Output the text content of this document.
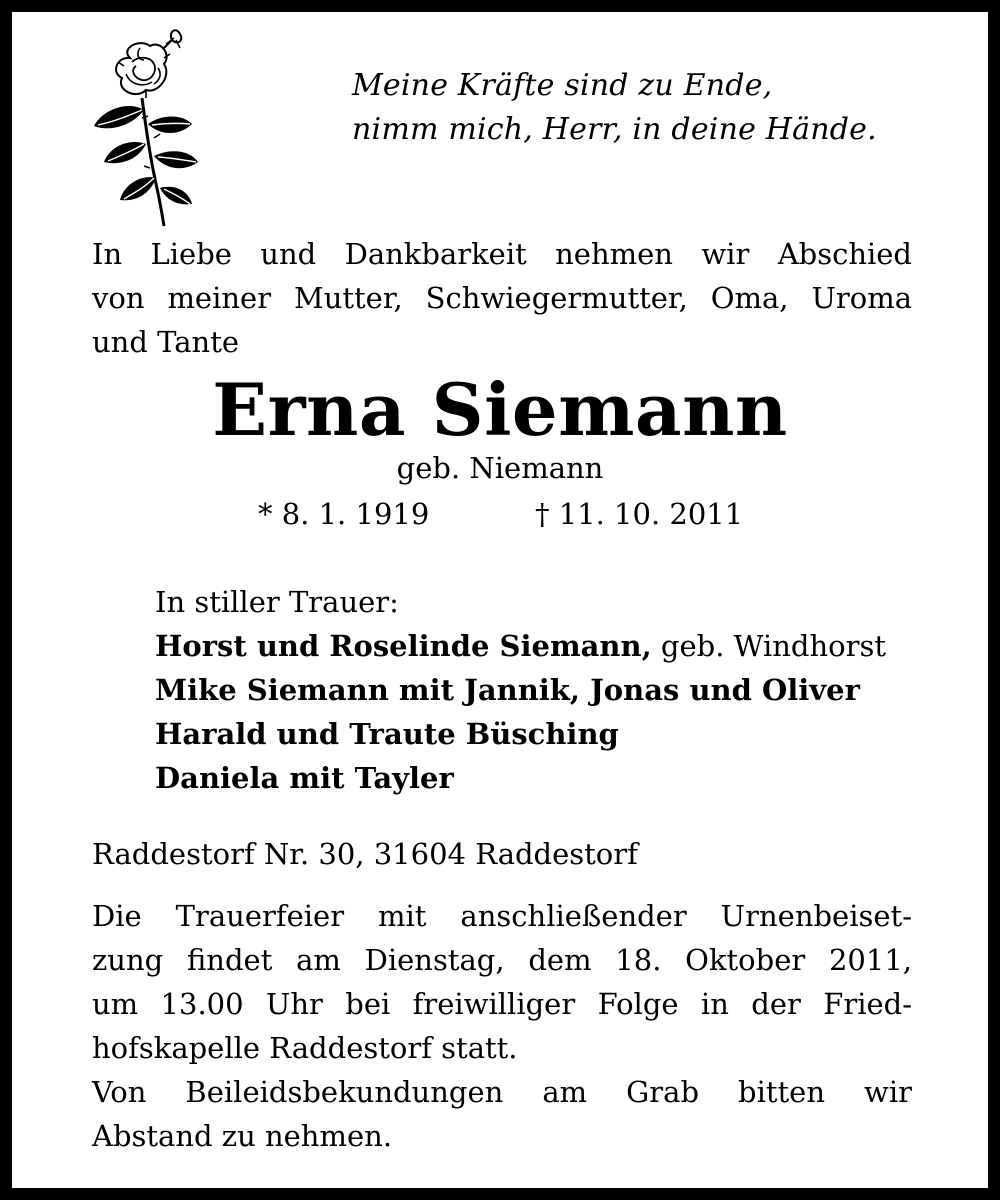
Meine Kräfte sind zu Ende,
nimm mich, Herr, in deine Hände.
In Liebe und Dankbarkeit nehmen wir Abschied
von meiner Mutter, Schwiegermutter, Oma, Uroma
und Tante
Erna Siemann
geb. Niemann
* 8. 1. 1919	† 11. 10. 2011
In stiller Trauer:
Horst und Roselinde Siemann, geb. Windhorst
Mike Siemann mit Jannik, Jonas und Oliver
Harald und Traute Büsching
Daniela mit Tayler
Raddestorf Nr. 30, 31604 Raddestorf
Die Trauerfeier mit anschließender Urnenbeiset-
zung findet am Dienstag, dem 18. Oktober 2011,
um 13.00 Uhr bei freiwilliger Folge in der Fried-
hofskapelle Raddestorf statt.
Von Beileidsbekundungen am Grab bitten wir
Abstand zu nehmen.
